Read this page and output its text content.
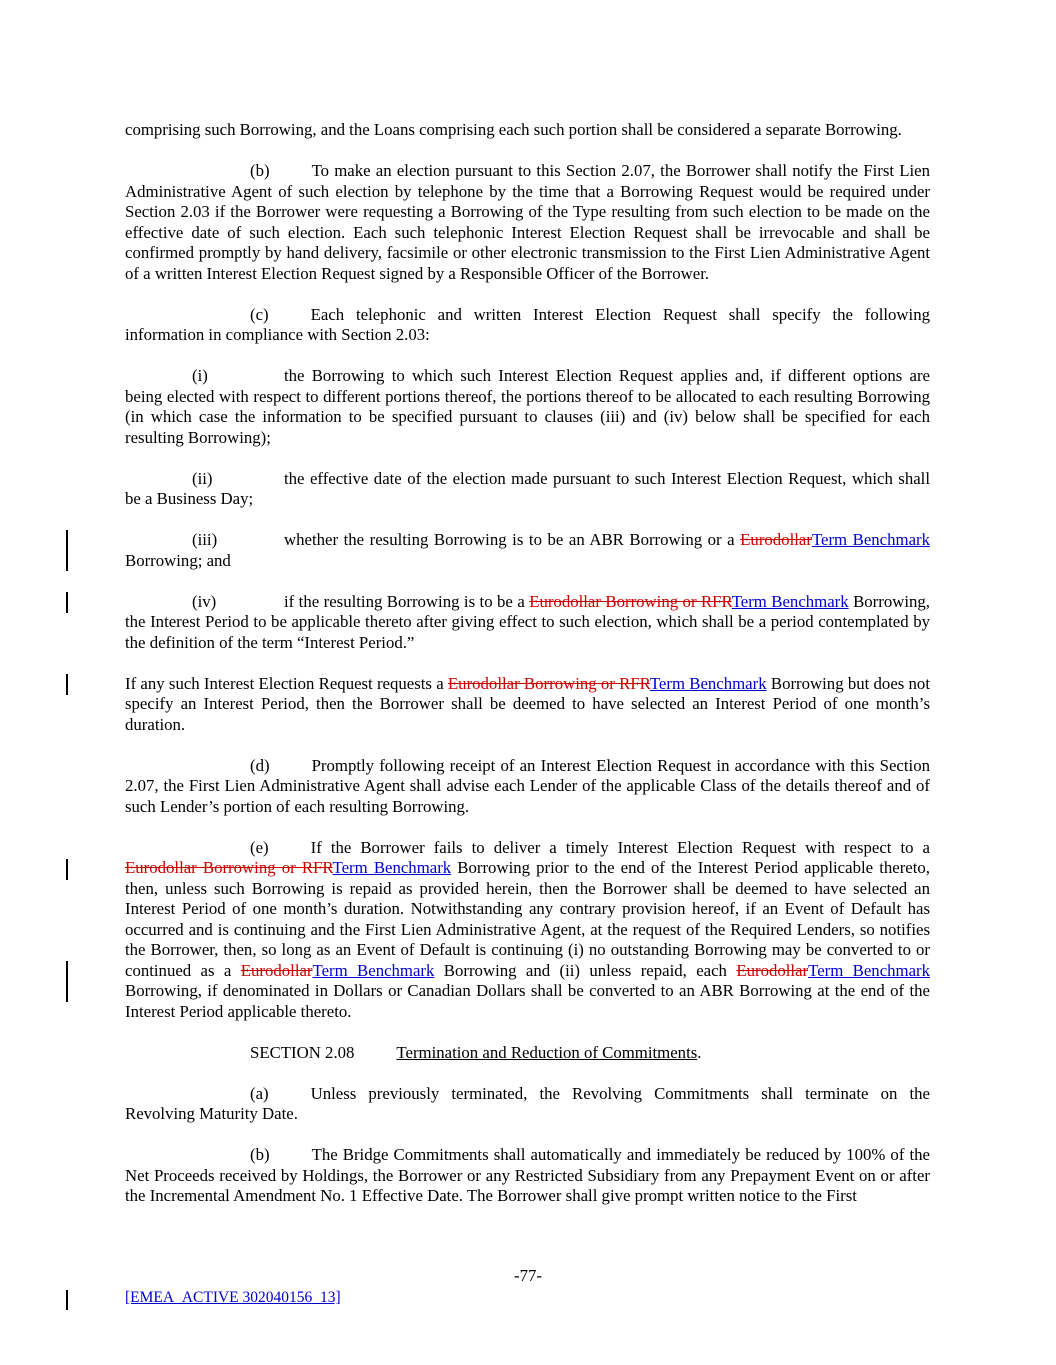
comprising such Borrowing, and the Loans comprising each such portion shall be considered a separate Borrowing.

(b)	To make an election pursuant to this Section 2.07, the Borrower shall notify the First Lien Administrative Agent of such election by telephone by the time that a Borrowing Request would be required under Section 2.03 if the Borrower were requesting a Borrowing of the Type resulting from such election to be made on the effective date of such election. Each such telephonic Interest Election Request shall be irrevocable and shall be confirmed promptly by hand delivery, facsimile or other electronic transmission to the First Lien Administrative Agent of a written Interest Election Request signed by a Responsible Officer of the Borrower.

(c)	Each telephonic and written Interest Election Request shall specify the following information in compliance with Section 2.03:

(i)	the Borrowing to which such Interest Election Request applies and, if different options are being elected with respect to different portions thereof, the portions thereof to be allocated to each resulting Borrowing (in which case the information to be specified pursuant to clauses (iii) and (iv) below shall be specified for each resulting Borrowing);

(ii)	the effective date of the election made pursuant to such Interest Election Request, which shall be a Business Day;

(iii)	whether the resulting Borrowing is to be an ABR Borrowing or a EurodollarTerm Benchmark Borrowing; and

(iv)	if the resulting Borrowing is to be a Eurodollar Borrowing or RFRTerm Benchmark Borrowing, the Interest Period to be applicable thereto after giving effect to such election, which shall be a period contemplated by the definition of the term “Interest Period.”

If any such Interest Election Request requests a Eurodollar Borrowing or RFRTerm Benchmark Borrowing but does not specify an Interest Period, then the Borrower shall be deemed to have selected an Interest Period of one month’s duration.

(d)	Promptly following receipt of an Interest Election Request in accordance with this Section 2.07, the First Lien Administrative Agent shall advise each Lender of the applicable Class of the details thereof and of such Lender’s portion of each resulting Borrowing.

(e)	If the Borrower fails to deliver a timely Interest Election Request with respect to a Eurodollar Borrowing or RFRTerm Benchmark Borrowing prior to the end of the Interest Period applicable thereto, then, unless such Borrowing is repaid as provided herein, then the Borrower shall be deemed to have selected an Interest Period of one month’s duration. Notwithstanding any contrary provision hereof, if an Event of Default has occurred and is continuing and the First Lien Administrative Agent, at the request of the Required Lenders, so notifies the Borrower, then, so long as an Event of Default is continuing (i) no outstanding Borrowing may be converted to or continued as a EurodollarTerm Benchmark Borrowing and (ii) unless repaid, each EurodollarTerm Benchmark Borrowing, if denominated in Dollars or Canadian Dollars shall be converted to an ABR Borrowing at the end of the Interest Period applicable thereto.

SECTION 2.08	Termination and Reduction of Commitments.

(a)	Unless previously terminated, the Revolving Commitments shall terminate on the Revolving Maturity Date.

(b)	The Bridge Commitments shall automatically and immediately be reduced by 100% of the Net Proceeds received by Holdings, the Borrower or any Restricted Subsidiary from any Prepayment Event on or after the Incremental Amendment No. 1 Effective Date. The Borrower shall give prompt written notice to the First

-77-
[EMEA_ACTIVE 302040156_13]
